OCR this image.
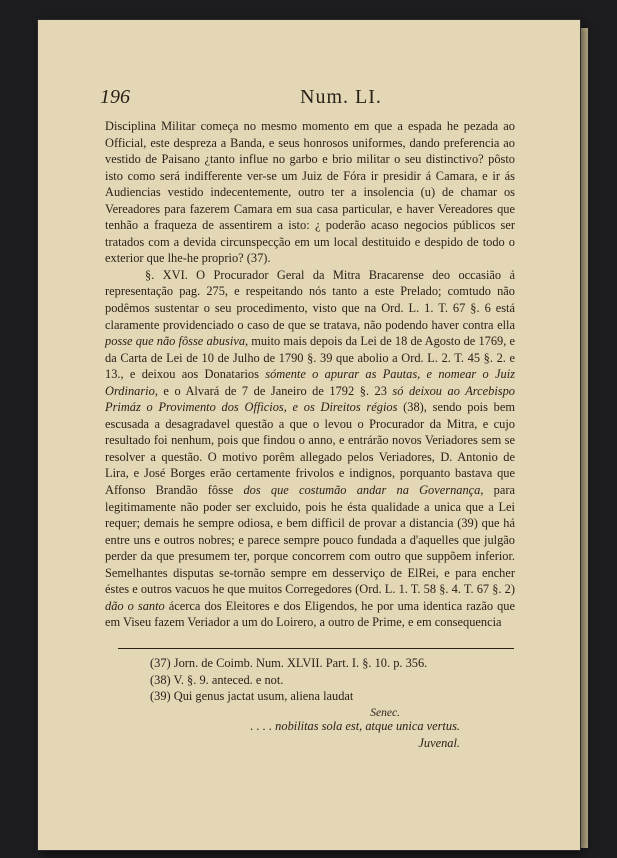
196	Num. LI.

Disciplina Militar começa no mesmo momento em que a espada he pezada ao Official, este despreza a Banda, e seus honrosos uniformes, dando preferencia ao vestido de Paisano ¿tanto influe no garbo e brio militar o seu distinctivo? pôsto isto como será indifferente ver-se um Juiz de Fóra ir presidir á Camara, e ir ás Audiencias vestido indecentemente, outro ter a insolencia (u) de chamar os Vereadores para fazerem Camara em sua casa particular, e haver Vereadores que tenhão a fraqueza de assentirem a isto: ¿ poderão acaso negocios públicos ser tratados com a devida circunspecção em um local destituido e despido de todo o exterior que lhe-he proprio? (37).

§. XVI. O Procurador Geral da Mitra Bracarense deo occasião á representação pag. 275, e respeitando nós tanto a este Prelado; comtudo não podêmos sustentar o seu procedimento, visto que na Ord. L. 1. T. 67 §. 6 está claramente providenciado o caso de que se tratava, não podendo haver contra ella posse que não fôsse abusiva, muito mais depois da Lei de 18 de Agosto de 1769, e da Carta de Lei de 10 de Julho de 1790 §. 39 que abolio a Ord. L. 2. T. 45 §. 2. e 13., e deixou aos Donatarios sómente o apurar as Pautas, e nomear o Juiz Ordinario, e o Alvará de 7 de Janeiro de 1792 §. 23 só deixou ao Arcebispo Primáz o Provimento dos Officios, e os Direitos régios (38), sendo pois bem escusada a desagradavel questão a que o levou o Procurador da Mitra, e cujo resultado foi nenhum, pois que findou o anno, e entrárão novos Veriadores sem se resolver a questão. O motivo porêm allegado pelos Veriadores, D. Antonio de Lira, e José Borges erão certamente frivolos e indignos, porquanto bastava que Affonso Brandão fôsse dos que costumão andar na Governança, para legitimamente não poder ser excluido, pois he ésta qualidade a unica que a Lei requer; demais he sempre odiosa, e bem difficil de provar a distancia (39) que há entre uns e outros nobres; e parece sempre pouco fundada a d'aquelles que julgão perder da que presumem ter, porque concorrem com outro que suppõem inferior. Semelhantes disputas se-tornão sempre em desserviço de ElRei, e para encher éstes e outros vacuos he que muitos Corregedores (Ord. L. 1. T. 58 §. 4. T. 67 §. 2) dão o santo ácerca dos Eleitores e dos Eligendos, he por uma identica razão que em Viseu fazem Veriador a um do Loirero, a outro de Prime, e em consequencia

(37) Jorn. de Coimb. Num. XLVII. Part. I. §. 10. p. 356.
(38) V. §. 9. anteced. e not.
(39) Qui genus jactat usum, aliena laudat
Senec.
. . . . nobilitas sola est, atque unica vertus.
Juvenal.
